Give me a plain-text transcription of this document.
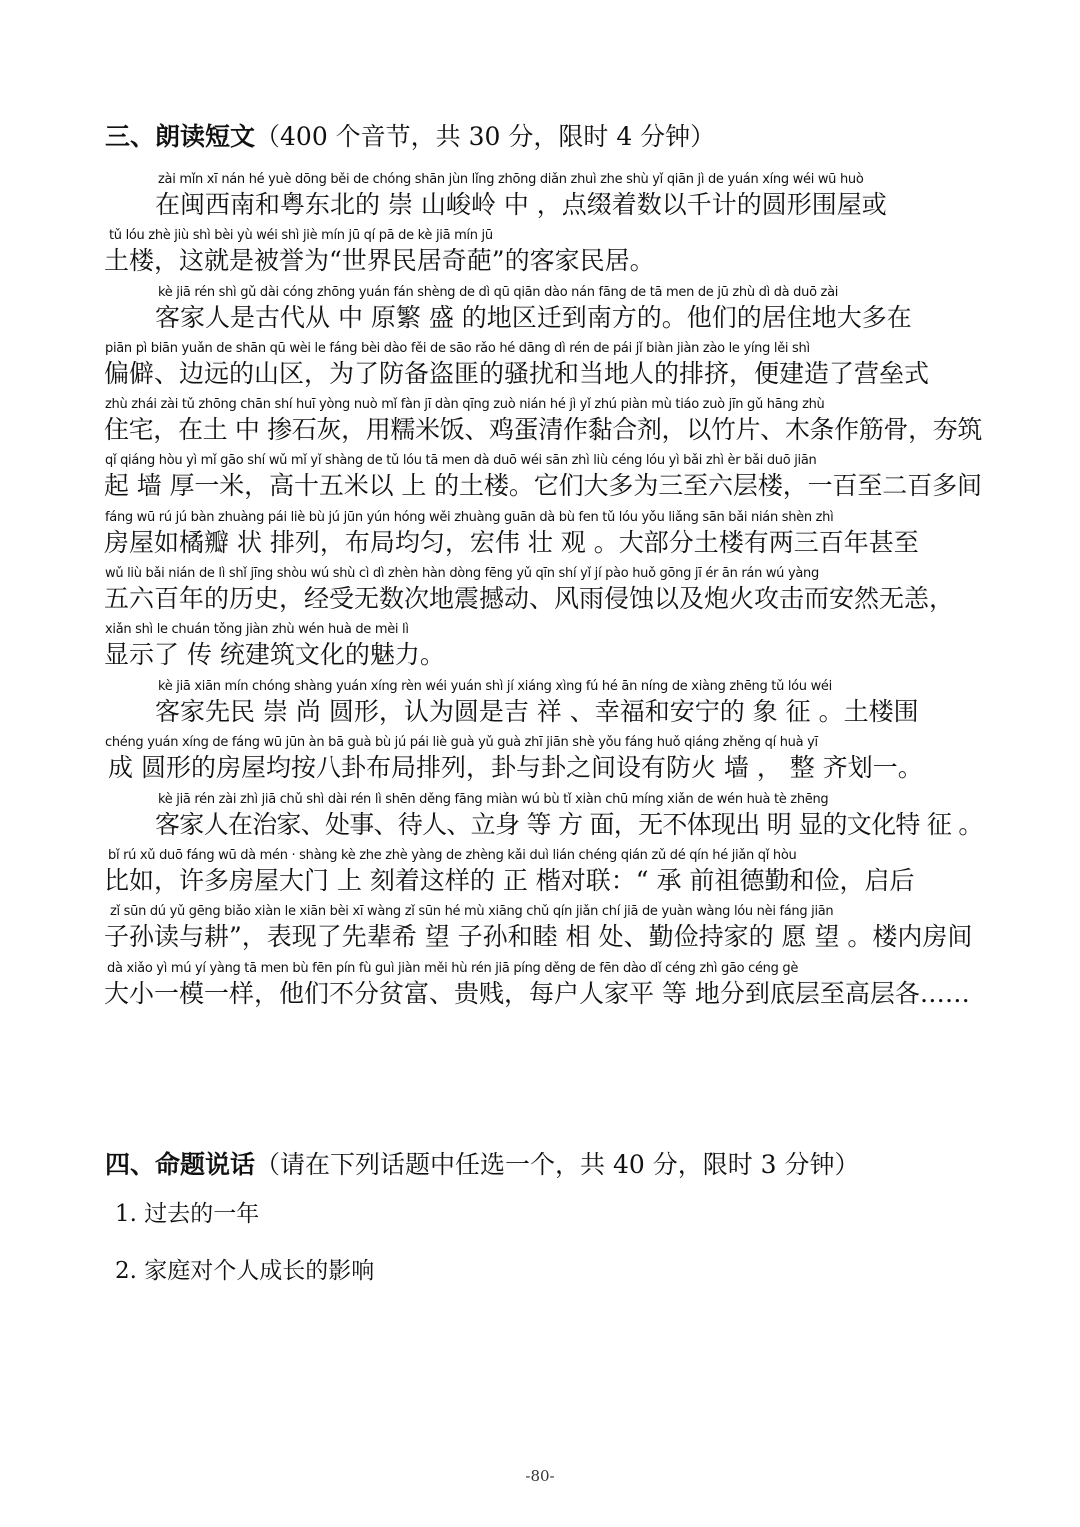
三、朗读短文（400 个音节，共 30 分，限时 4 分钟）
zài mǐn xī nán hé yuè dōng běi de chóng shān jùn lǐng zhōng diǎn zhuì zhe shù yǐ qiān jì de yuán xíng wéi wū huò
在闽西南和粤东北的 崇 山峻岭 中 ，点缀着数以千计的圆形围屋或
tǔ lóu zhè jiù shì bèi yù wéi shì jiè mín jū qí pā de kè jiā mín jū
土楼，这就是被誉为“世界民居奇葩”的客家民居。
kè jiā rén shì gǔ dài cóng zhōng yuán fán shèng de dì qū qiān dào nán fāng de tā men de jū zhù dì dà duō zài
客家人是古代从 中 原繁 盛 的地区迁到南方的。他们的居住地大多在
piān pì biān yuǎn de shān qū wèi le fáng bèi dào fěi de sāo rǎo hé dāng dì rén de pái jǐ biàn jiàn zào le yíng lěi shì
偏僻、边远的山区，为了防备盗匪的骚扰和当地人的排挤，便建造了营垒式
zhù zhái zài tǔ zhōng chān shí huī yòng nuò mǐ fàn jī dàn qīng zuò nián hé jì yǐ zhú piàn mù tiáo zuò jīn gǔ hāng zhù
住宅，在土 中 掺石灰，用糯米饭、鸡蛋清作黏合剂，以竹片、木条作筋骨，夯筑
qǐ qiáng hòu yì mǐ gāo shí wǔ mǐ yǐ shàng de tǔ lóu tā men dà duō wéi sān zhì liù céng lóu yì bǎi zhì èr bǎi duō jiān
起 墙 厚一米，高十五米以 上 的土楼。它们大多为三至六层楼，一百至二百多间
fáng wū rú jú bàn zhuàng pái liè bù jú jūn yún hóng wěi zhuàng guān dà bù fen tǔ lóu yǒu liǎng sān bǎi nián shèn zhì
房屋如橘瓣 状 排列，布局均匀，宏伟 壮 观 。大部分土楼有两三百年甚至
wǔ liù bǎi nián de lì shǐ jīng shòu wú shù cì dì zhèn hàn dòng fēng yǔ qīn shí yǐ jí pào huǒ gōng jī ér ān rán wú yàng
五六百年的历史，经受无数次地震撼动、风雨侵蚀以及炮火攻击而安然无恙，
xiǎn shì le chuán tǒng jiàn zhù wén huà de mèi lì
显示了 传 统建筑文化的魅力。
kè jiā xiān mín chóng shàng yuán xíng rèn wéi yuán shì jí xiáng xìng fú hé ān níng de xiàng zhēng tǔ lóu wéi
客家先民 崇 尚 圆形，认为圆是吉 祥 、幸福和安宁的 象 征 。土楼围
chéng yuán xíng de fáng wū jūn àn bā guà bù jú pái liè guà yǔ guà zhī jiān shè yǒu fáng huǒ qiáng zhěng qí huà yī
成 圆形的房屋均按八卦布局排列，卦与卦之间设有防火 墙 ， 整 齐划一。
kè jiā rén zài zhì jiā chǔ shì dài rén lì shēn děng fāng miàn wú bù tǐ xiàn chū míng xiǎn de wén huà tè zhēng
客家人在治家、处事、待人、立身 等 方 面，无不体现出 明 显的文化特 征 。
bǐ rú xǔ duō fáng wū dà mén · shàng kè zhe zhè yàng de zhèng kǎi duì lián chéng qián zǔ dé qín hé jiǎn qǐ hòu
比如，许多房屋大门 上 刻着这样的 正 楷对联：“ 承 前祖德勤和俭，启后
zǐ sūn dú yǔ gēng biǎo xiàn le xiān bèi xī wàng zǐ sūn hé mù xiāng chǔ qín jiǎn chí jiā de yuàn wàng lóu nèi fáng jiān
子孙读与耕”，表现了先辈希 望 子孙和睦 相 处、勤俭持家的 愿 望 。楼内房间
dà xiǎo yì mú yí yàng tā men bù fēn pín fù guì jiàn měi hù rén jiā píng děng de fēn dào dǐ céng zhì gāo céng gè
大小一模一样，他们不分贫富、贵贱，每户人家平 等 地分到底层至高层各……
四、命题说话（请在下列话题中任选一个，共 40 分，限时 3 分钟）
1. 过去的一年
2. 家庭对个人成长的影响
-80-
